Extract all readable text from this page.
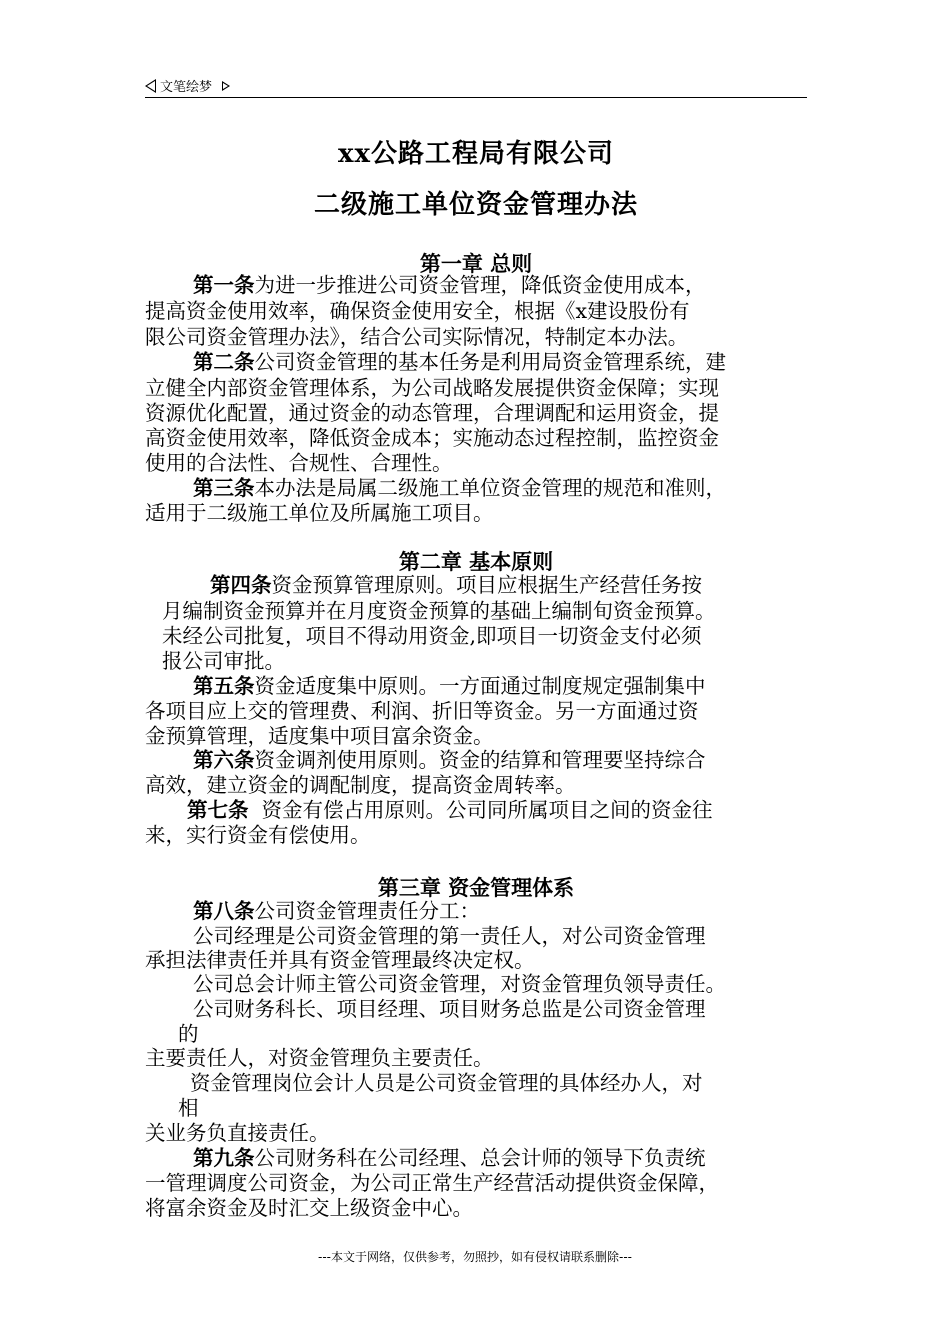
文笔绘梦
xx公路工程局有限公司
二级施工单位资金管理办法
第一章 总则
第二章 基本原则
第三章 资金管理体系
第一条为进一步推进公司资金管理，降低资金使用成本，
提高资金使用效率，确保资金使用安全，根据《x建设股份有
限公司资金管理办法》，结合公司实际情况，特制定本办法。
第二条公司资金管理的基本任务是利用局资金管理系统，建
立健全内部资金管理体系，为公司战略发展提供资金保障；实现
资源优化配置，通过资金的动态管理，合理调配和运用资金，提
高资金使用效率，降低资金成本；实施动态过程控制，监控资金
使用的合法性、合规性、合理性。
第三条本办法是局属二级施工单位资金管理的规范和准则，
适用于二级施工单位及所属施工项目。
第四条资金预算管理原则。项目应根据生产经营任务按
月编制资金预算并在月度资金预算的基础上编制旬资金预算。
未经公司批复，项目不得动用资金,即项目一切资金支付必须
报公司审批。
第五条资金适度集中原则。一方面通过制度规定强制集中
各项目应上交的管理费、利润、折旧等资金。另一方面通过资
金预算管理，适度集中项目富余资金。
第六条资金调剂使用原则。资金的结算和管理要坚持综合
高效，建立资金的调配制度，提高资金周转率。
第七条  资金有偿占用原则。公司同所属项目之间的资金往
来，实行资金有偿使用。
第八条公司资金管理责任分工：
公司经理是公司资金管理的第一责任人，对公司资金管理
承担法律责任并具有资金管理最终决定权。
公司总会计师主管公司资金管理，对资金管理负领导责任。
公司财务科长、项目经理、项目财务总监是公司资金管理
的
主要责任人，对资金管理负主要责任。
资金管理岗位会计人员是公司资金管理的具体经办人，对
相
关业务负直接责任。
第九条公司财务科在公司经理、总会计师的领导下负责统
一管理调度公司资金，为公司正常生产经营活动提供资金保障，
将富余资金及时汇交上级资金中心。
---本文于网络，仅供参考，勿照抄，如有侵权请联系删除---
